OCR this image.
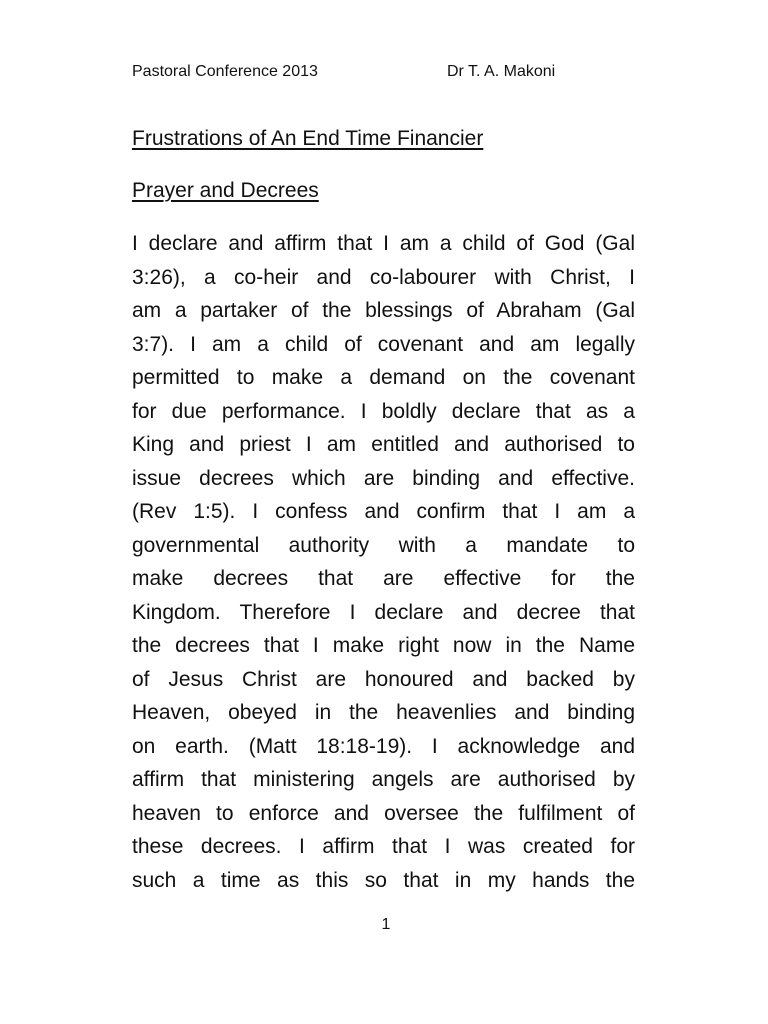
Pastoral Conference 2013	Dr T. A. Makoni
Frustrations of An End Time Financier
Prayer and Decrees
I declare and affirm that I am a child of God (Gal
3:26), a co-heir and co-labourer with Christ, I
am a partaker of the blessings of Abraham (Gal
3:7). I am a child of covenant and am legally
permitted to make a demand on the covenant
for due performance. I boldly declare that as a
King and priest I am entitled and authorised to
issue decrees which are binding and effective.
(Rev 1:5). I confess and confirm that I am a
governmental authority with a mandate to
make decrees that are effective for the
Kingdom. Therefore I declare and decree that
the decrees that I make right now in the Name
of Jesus Christ are honoured and backed by
Heaven, obeyed in the heavenlies and binding
on earth. (Matt 18:18-19). I acknowledge and
affirm that ministering angels are authorised by
heaven to enforce and oversee the fulfilment of
these decrees. I affirm that I was created for
such a time as this so that in my hands the
1
